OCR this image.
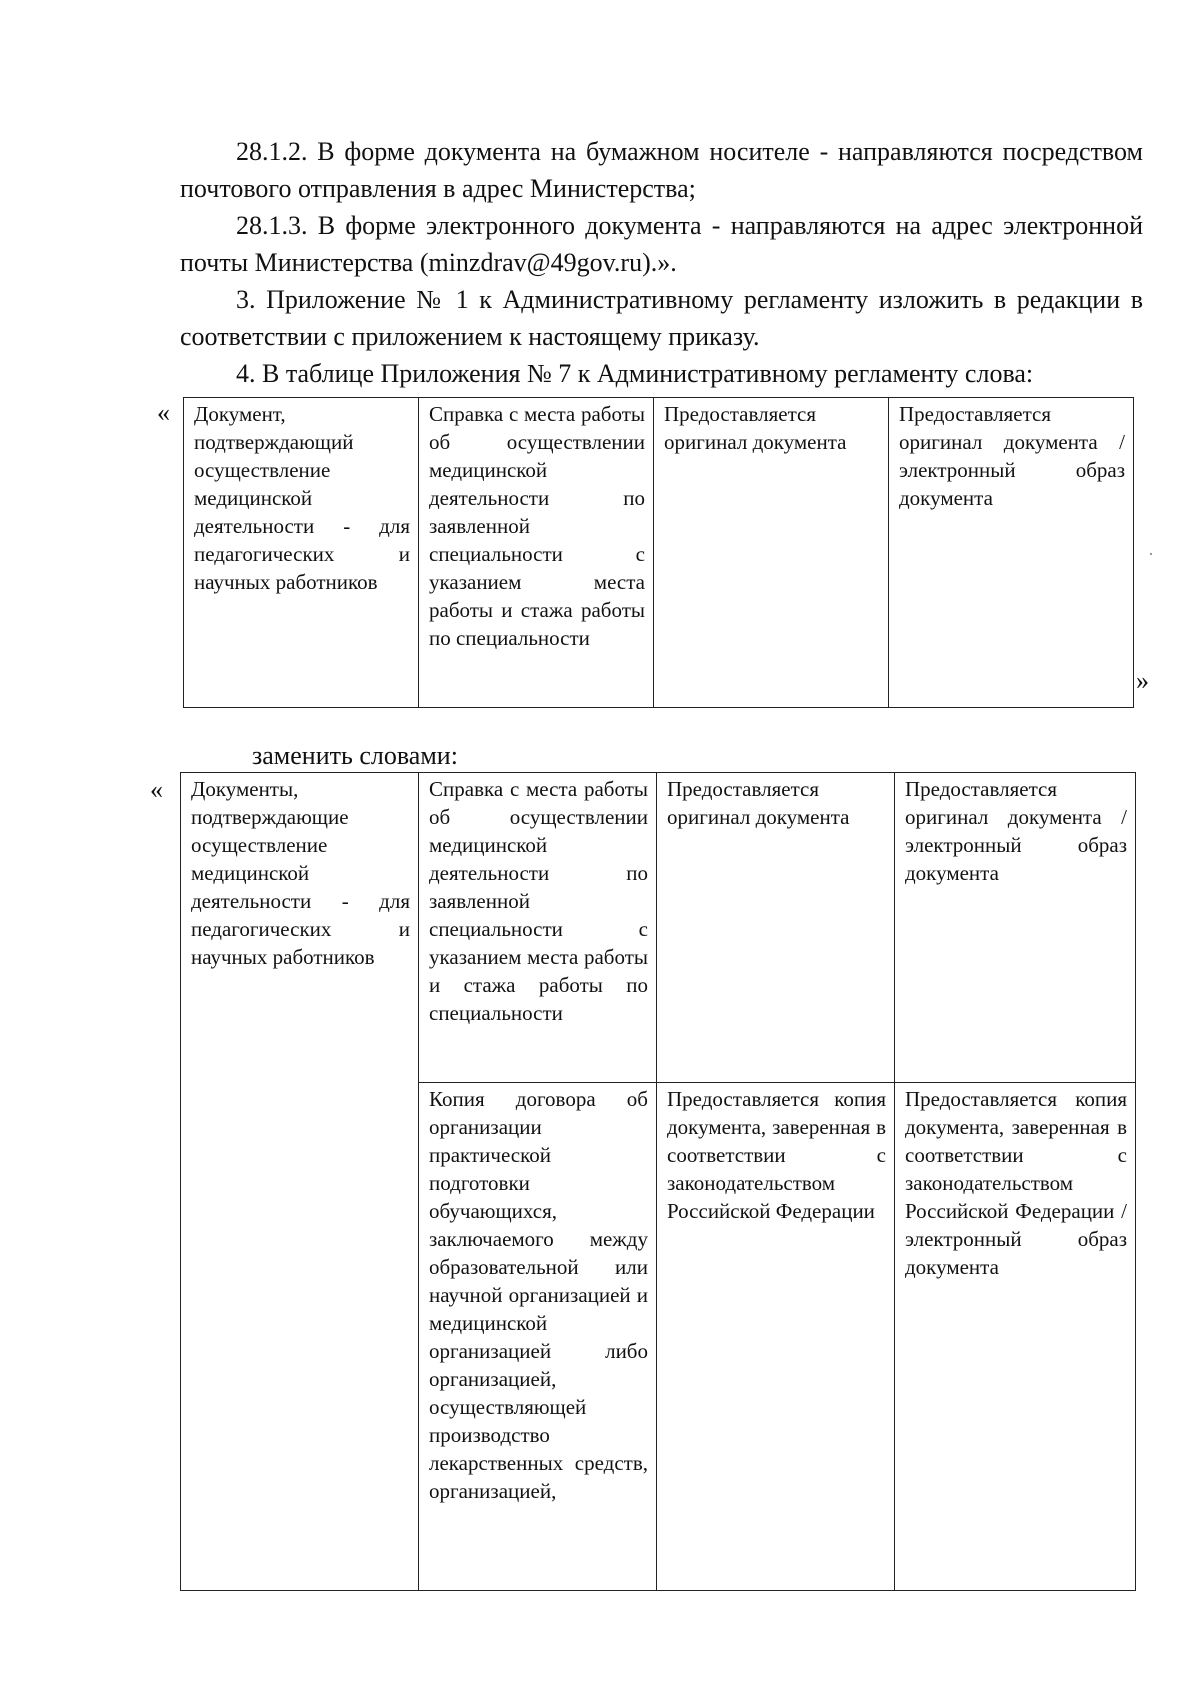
28.1.2. В форме документа на бумажном носителе - направляются посредством почтового отправления в адрес Министерства;
28.1.3. В форме электронного документа - направляются на адрес электронной почты Министерства (minzdrav@49gov.ru).».
3. Приложение № 1 к Административному регламенту изложить в редакции в соответствии с приложением к настоящему приказу.
4. В таблице Приложения № 7 к Административному регламенту слова:
« Документ, подтверждающий осуществление медицинской деятельности - для педагогических и научных работников	Справка с места работы об осуществлении медицинской деятельности по заявленной специальности с указанием места работы и стажа работы по специальности	Предоставляется оригинал документа	Предоставляется оригинал документа / электронный образ документа
»
заменить словами:
« Документы, подтверждающие осуществление медицинской деятельности - для педагогических и научных работников	Справка с места работы об осуществлении медицинской деятельности по заявленной специальности с указанием места работы и стажа работы по специальности	Предоставляется оригинал документа	Предоставляется оригинал документа / электронный образ документа
	Копия договора об организации практической подготовки обучающихся, заключаемого между образовательной или научной организацией и медицинской организацией либо организацией, осуществляющей производство лекарственных средств, организацией,	Предоставляется копия документа, заверенная в соответствии с законодательством Российской Федерации	Предоставляется копия документа, заверенная в соответствии с законодательством Российской Федерации / электронный образ документа
